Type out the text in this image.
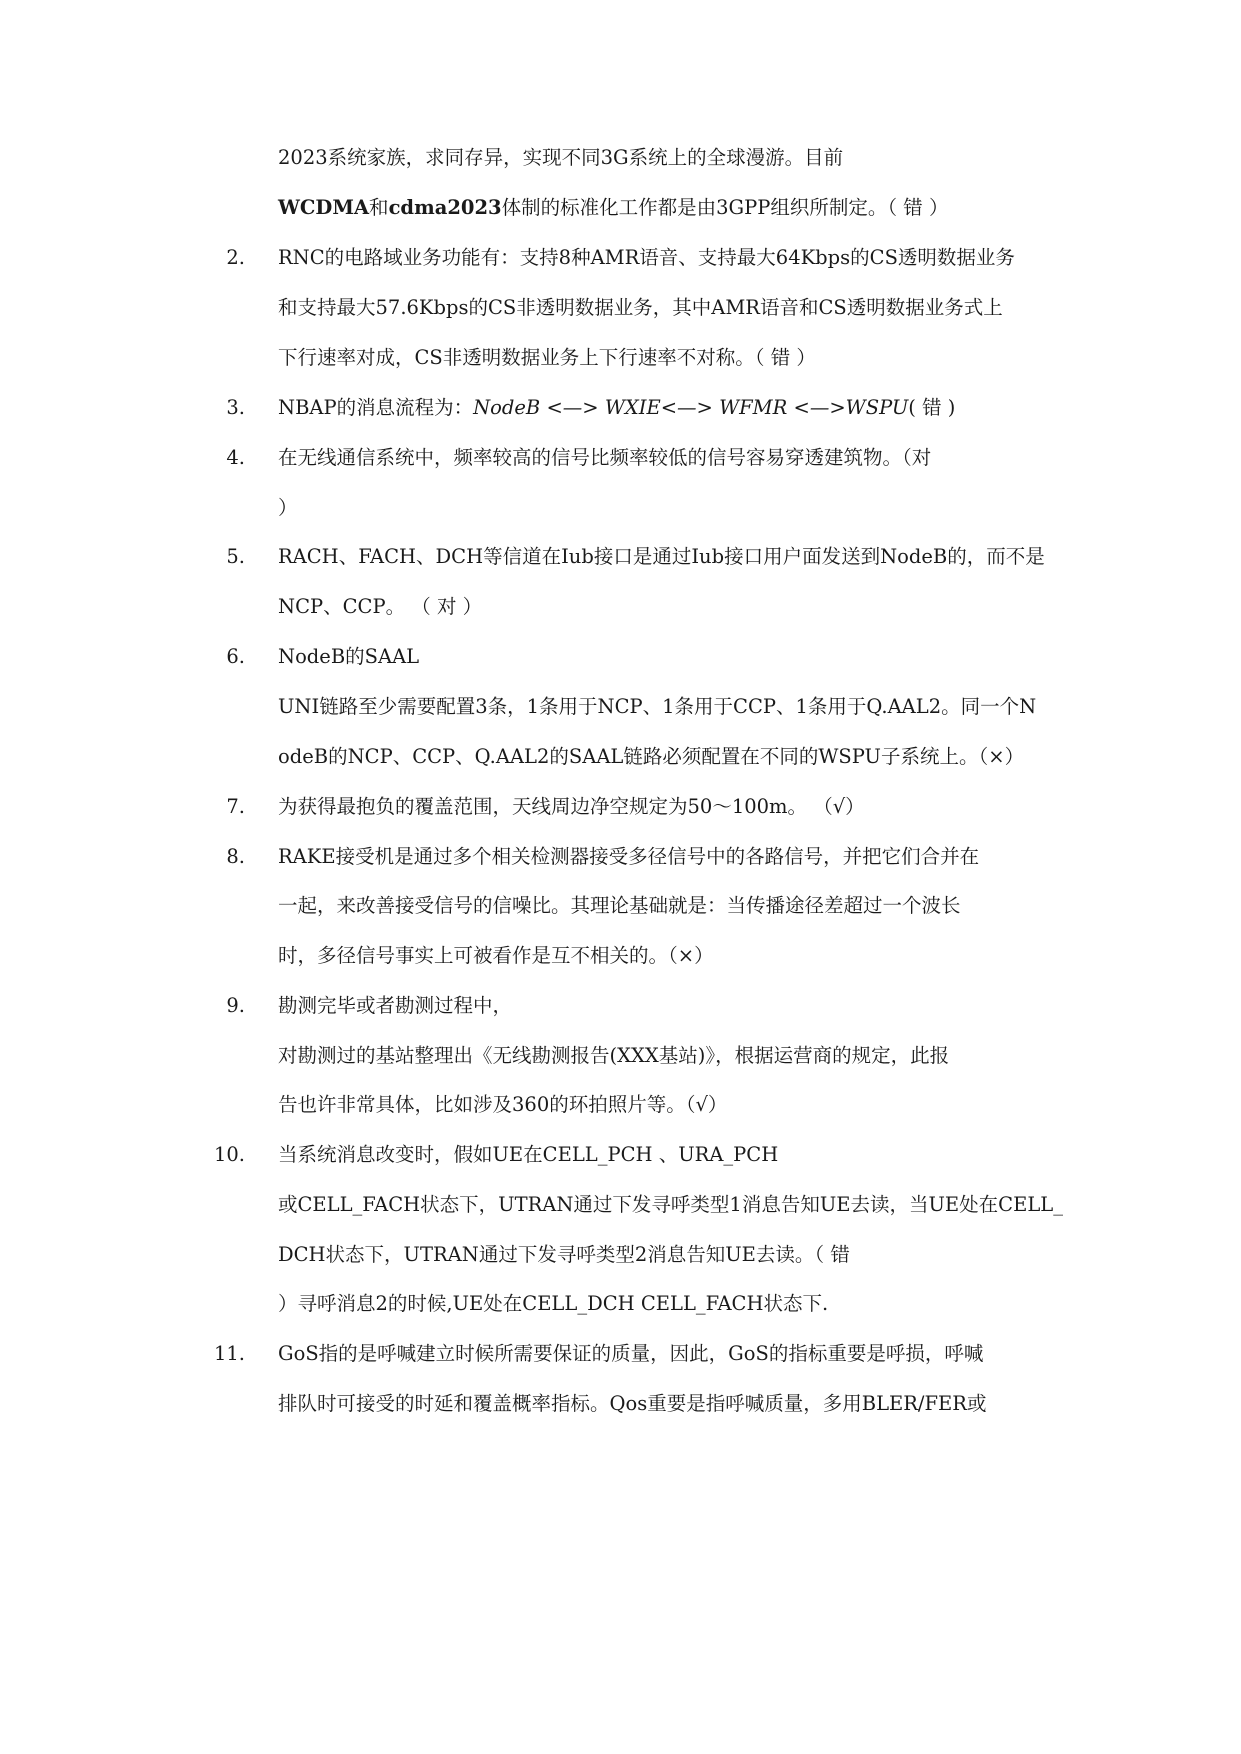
2023系统家族，求同存异，实现不同3G系统上的全球漫游。目前
WCDMA和cdma2023体制的标准化工作都是由3GPP组织所制定。（ 错 ）
2. RNC的电路域业务功能有：支持8种AMR语音、支持最大64Kbps的CS透明数据业务
和支持最大57.6Kbps的CS非透明数据业务，其中AMR语音和CS透明数据业务式上
下行速率对成，CS非透明数据业务上下行速率不对称。（ 错 ）
3. NBAP的消息流程为：NodeB <—> WXIE<—> WFMR <—>WSPU( 错 )
4. 在无线通信系统中，频率较高的信号比频率较低的信号容易穿透建筑物。（对
）
5. RACH、FACH、DCH等信道在Iub接口是通过Iub接口用户面发送到NodeB的，而不是
NCP、CCP。 （ 对 ）
6. NodeB的SAAL
UNI链路至少需要配置3条，1条用于NCP、1条用于CCP、1条用于Q.AAL2。同一个N
odeB的NCP、CCP、Q.AAL2的SAAL链路必须配置在不同的WSPU子系统上。（×）
7. 为获得最抱负的覆盖范围，天线周边净空规定为50～100m。 （√）
8. RAKE接受机是通过多个相关检测器接受多径信号中的各路信号，并把它们合并在
一起，来改善接受信号的信噪比。其理论基础就是：当传播途径差超过一个波长
时，多径信号事实上可被看作是互不相关的。（×）
9. 勘测完毕或者勘测过程中，
对勘测过的基站整理出《无线勘测报告(XXX基站)》，根据运营商的规定，此报
告也许非常具体，比如涉及360的环拍照片等。（√）
10. 当系统消息改变时，假如UE在CELL_PCH 、URA_PCH
或CELL_FACH状态下，UTRAN通过下发寻呼类型1消息告知UE去读，当UE处在CELL_
DCH状态下，UTRAN通过下发寻呼类型2消息告知UE去读。（ 错
）寻呼消息2的时候,UE处在CELL_DCH CELL_FACH状态下.
11. GoS指的是呼喊建立时候所需要保证的质量，因此，GoS的指标重要是呼损，呼喊
排队时可接受的时延和覆盖概率指标。Qos重要是指呼喊质量，多用BLER/FER或
